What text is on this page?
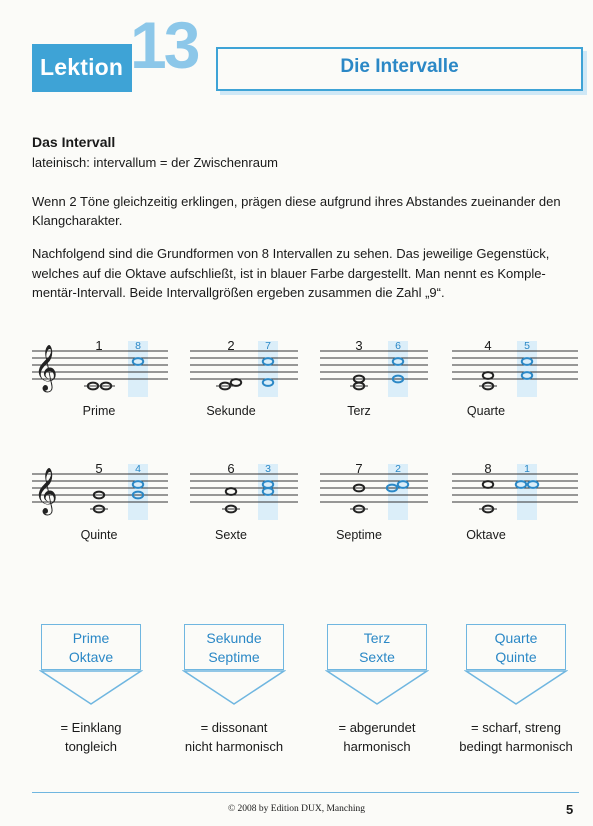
13
Lektion	Die Intervalle
Das Intervall
lateinisch: intervallum = der Zwischenraum
Wenn 2 Töne gleichzeitig erklingen, prägen diese aufgrund ihres Abstandes zueinander den
Klangcharakter.
Nachfolgend sind die Grundformen von 8 Intervallen zu sehen. Das jeweilige Gegenstück,
welches auf die Oktave aufschließt, ist in blauer Farbe dargestellt. Man nennt es Komple-
mentär-Intervall. Beide Intervallgrößen ergeben zusammen die Zahl „9“.
𝄞
𝄞
1	8
Prime
2	7
Sekunde
3	6
Terz
4	5
Quarte
5	4
Quinte
6	3
Sexte
7	2
Septime
8	1
Oktave
Prime
Oktave
= Einklang
tongleich
Sekunde
Septime
= dissonant
nicht harmonisch
Terz
Sexte
= abgerundet
harmonisch
Quarte
Quinte
= scharf, streng
bedingt harmonisch
© 2008 by Edition DUX, Manching	5
